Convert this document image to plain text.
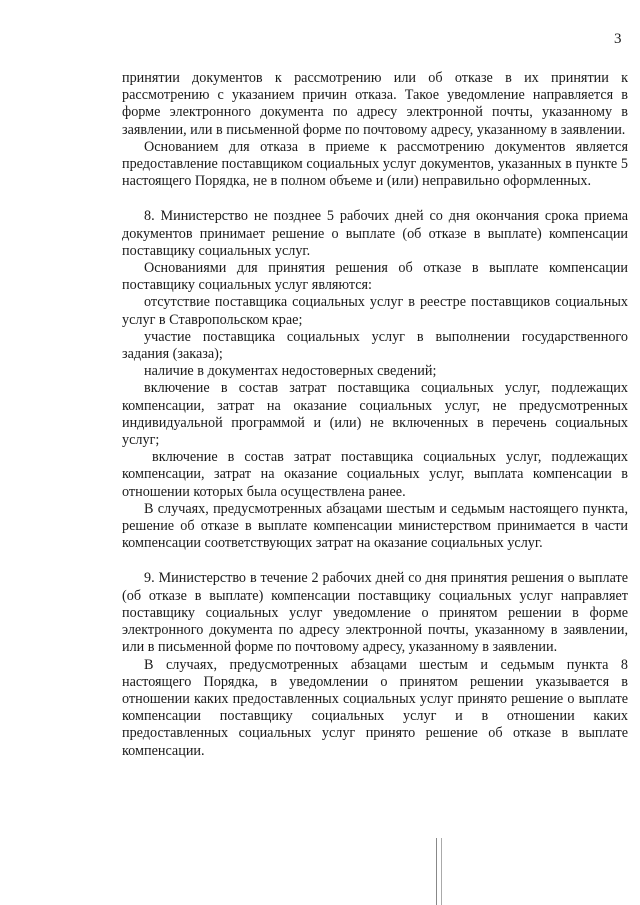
3

принятии документов к рассмотрению или об отказе в их принятии к рассмотрению с указанием причин отказа. Такое уведомление направляется в форме электронного документа по адресу электронной почты, указанному в заявлении, или в письменной форме по почтовому адресу, указанному в заявлении.

Основанием для отказа в приеме к рассмотрению документов является предоставление поставщиком социальных услуг документов, указанных в пункте 5 настоящего Порядка, не в полном объеме и (или) неправильно оформленных.

8. Министерство не позднее 5 рабочих дней со дня окончания срока приема документов принимает решение о выплате (об отказе в выплате) компенсации поставщику социальных услуг.

Основаниями для принятия решения об отказе в выплате компенсации поставщику социальных услуг являются:

отсутствие поставщика социальных услуг в реестре поставщиков социальных услуг в Ставропольском крае;

участие поставщика социальных услуг в выполнении государственного задания (заказа);

наличие в документах недостоверных сведений;

включение в состав затрат поставщика социальных услуг, подлежащих компенсации, затрат на оказание социальных услуг, не предусмотренных индивидуальной программой и (или) не включенных в перечень социальных услуг;

включение в состав затрат поставщика социальных услуг, подлежащих компенсации, затрат на оказание социальных услуг, выплата компенсации в отношении которых была осуществлена ранее.

В случаях, предусмотренных абзацами шестым и седьмым настоящего пункта, решение об отказе в выплате компенсации министерством принимается в части компенсации соответствующих затрат на оказание социальных услуг.

9. Министерство в течение 2 рабочих дней со дня принятия решения о выплате (об отказе в выплате) компенсации поставщику социальных услуг направляет поставщику социальных услуг уведомление о принятом решении в форме электронного документа по адресу электронной почты, указанному в заявлении, или в письменной форме по почтовому адресу, указанному в заявлении.

В случаях, предусмотренных абзацами шестым и седьмым пункта 8 настоящего Порядка, в уведомлении о принятом решении указывается в отношении каких предоставленных социальных услуг принято решение о выплате компенсации поставщику социальных услуг и в отношении каких предоставленных социальных услуг принято решение об отказе в выплате компенсации.
